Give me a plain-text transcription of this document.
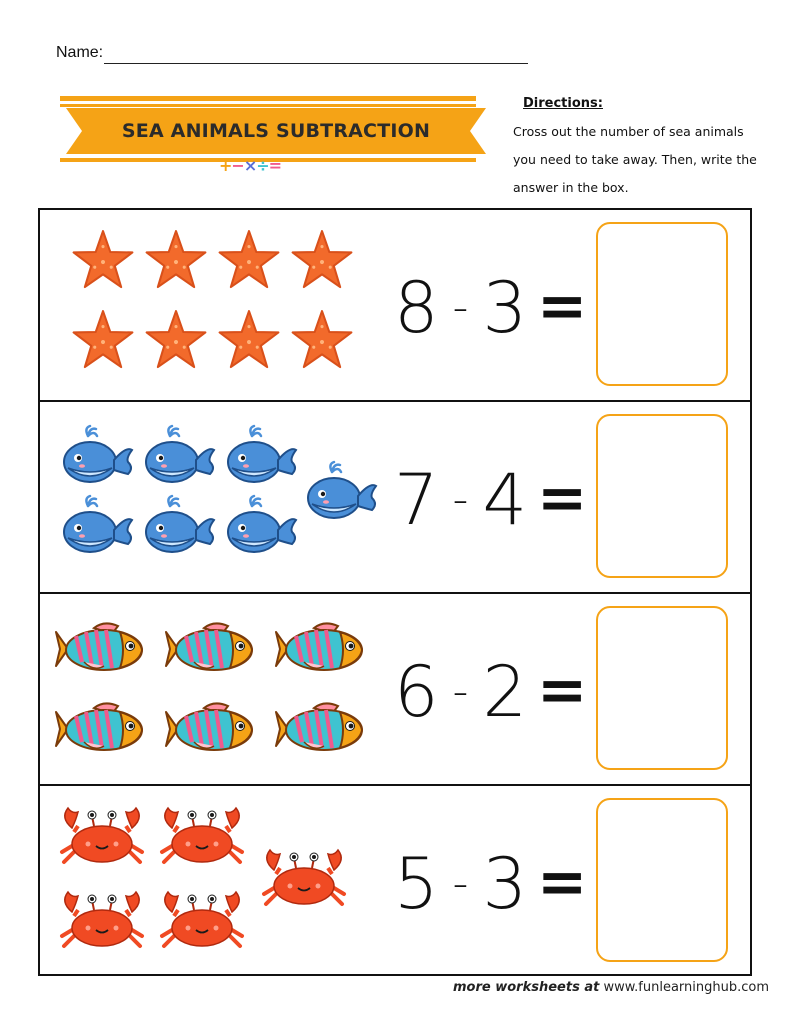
Name:
SEA ANIMALS SUBTRACTION
+−×÷=
Directions:
Cross out the number of sea animals you need to take away. Then, write the answer in the box.
8 - 3 =
7 - 4 =
6 - 2 =
5 - 3 =
more worksheets at www.funlearninghub.com
